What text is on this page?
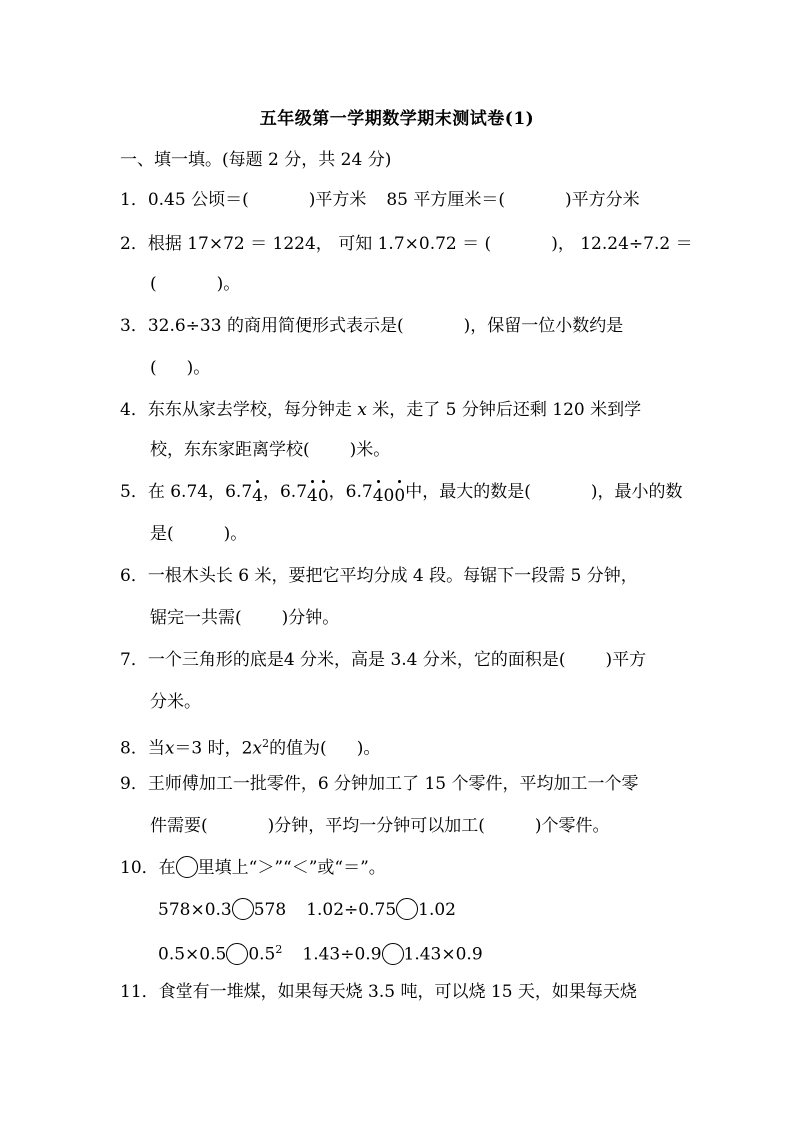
五年级第一学期数学期末测试卷(1)
一、填一填。(每题 2 分，共 24 分)
1．0.45 公顷＝(	)平方米 85 平方厘米＝(	)平方分米
2．根据 17×72 ＝ 1224， 可知 1.7×0.72 ＝ (	)， 12.24÷7.2 ＝
(	)。
3．32.6÷33 的商用简便形式表示是(	)，保留一位小数约是
( )。
4．东东从家去学校，每分钟走 x 米，走了 5 分钟后还剩 120 米到学
校，东东家距离学校( )米。
5．在 6.74，6.74，6.740，6.7400中，最大的数是(	)，最小的数
是(	)。
6．一根木头长 6 米，要把它平均分成 4 段。每锯下一段需 5 分钟，
锯完一共需( )分钟。
7．一个三角形的底是4 分米，高是 3.4 分米，它的面积是( )平方
分米。
8．当x＝3 时，$2x^2$的值为( )。
9．王师傅加工一批零件，6 分钟加工了 15 个零件，平均加工一个零
件需要(	)分钟，平均一分钟可以加工(	)个零件。
10．在 里填上“＞”“＜”或“＝”。
578×0.3 578 1.02÷0.75 1.02
0.5×0.5 $0.5^2$ 1.43÷0.9 1.43×0.9
11．食堂有一堆煤，如果每天烧 3.5 吨，可以烧 15 天，如果每天烧
